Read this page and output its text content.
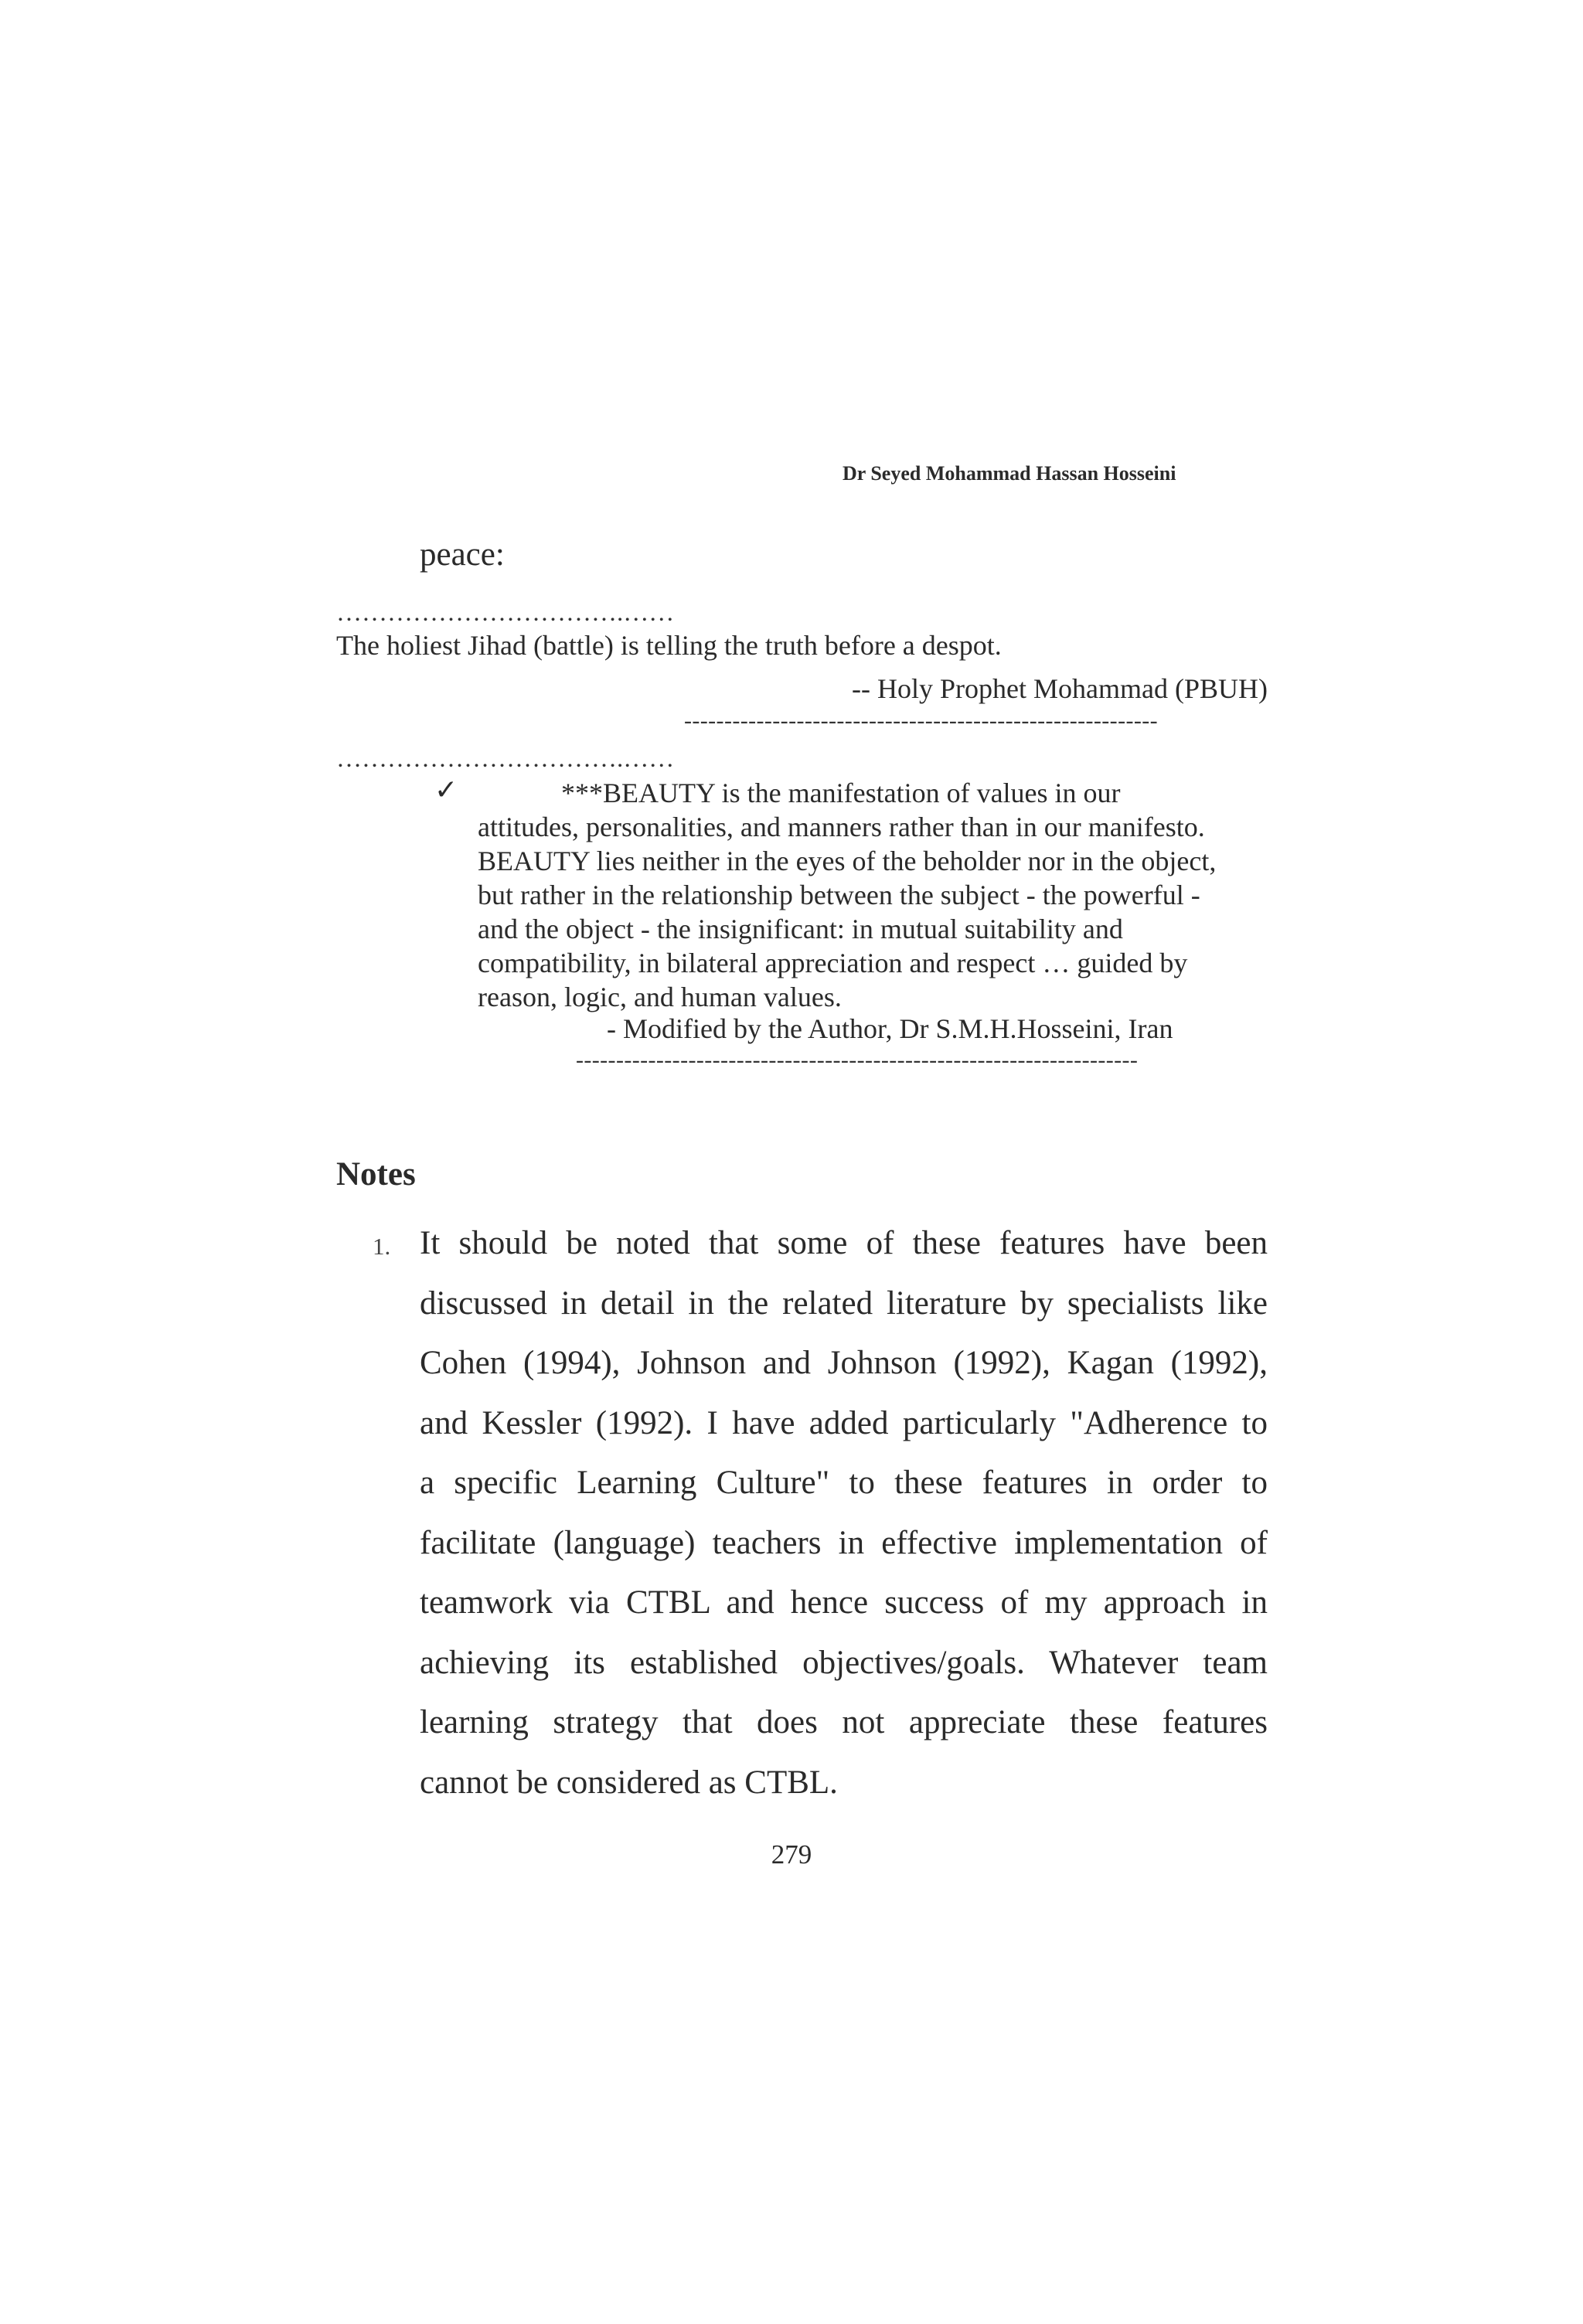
Dr Seyed Mohammad Hassan Hosseini
peace:
…………………………….……
The holiest Jihad (battle) is telling the truth before a despot.
-- Holy Prophet Mohammad (PBUH)
-----------------------------------------------------------
…………………………….……
✓	***BEAUTY is the manifestation of values in our
attitudes, personalities, and manners rather than in our manifesto.
BEAUTY lies neither in the eyes of the beholder nor in the object,
but rather in the relationship between the subject - the powerful -
and the object - the insignificant: in mutual suitability and
compatibility, in bilateral appreciation and respect … guided by
reason, logic, and human values.
- Modified by the Author, Dr S.M.H.Hosseini, Iran
----------------------------------------------------------------------
Notes
1. It should be noted that some of these features have been
discussed in detail in the related literature by specialists like
Cohen (1994), Johnson and Johnson (1992), Kagan (1992),
and Kessler (1992). I have added particularly "Adherence to
a specific Learning Culture" to these features in order to
facilitate (language) teachers in effective implementation of
teamwork via CTBL and hence success of my approach in
achieving its established objectives/goals. Whatever team
learning strategy that does not appreciate these features
cannot be considered as CTBL.
279
